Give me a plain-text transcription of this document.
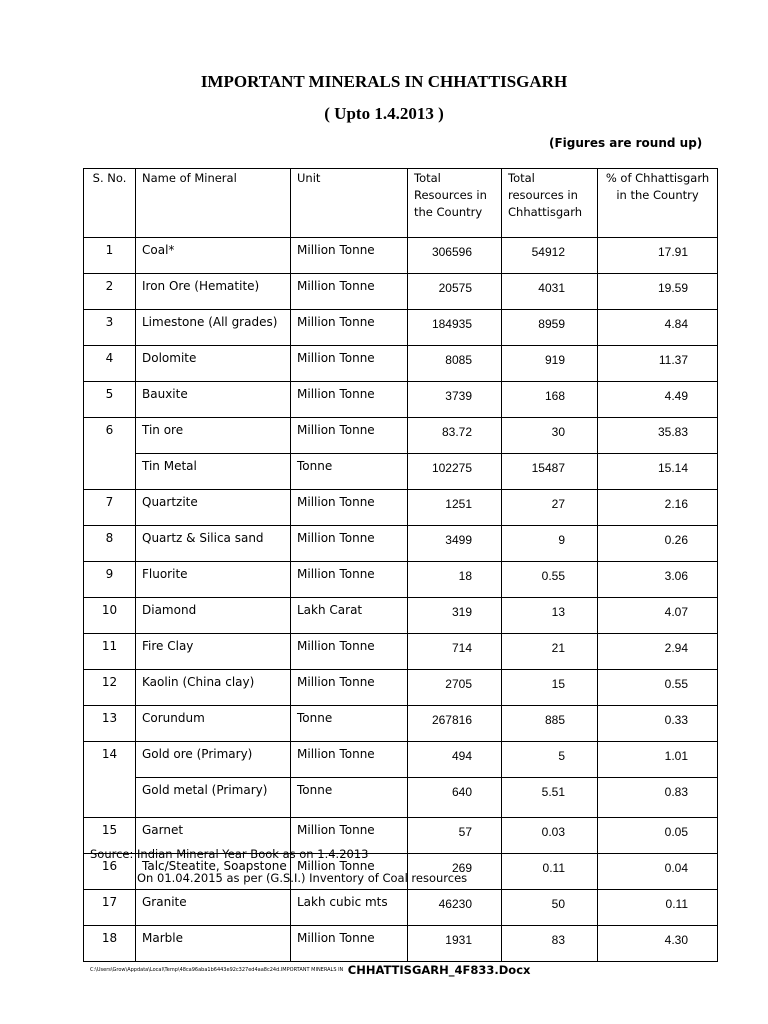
IMPORTANT MINERALS IN CHHATTISGARH
( Upto 1.4.2013 )
(Figures are round up)
S. No.	Name of Mineral	Unit	Total Resources in the Country	Total resources in Chhattisgarh	% of Chhattisgarh in the Country
1	Coal*	Million Tonne	306596	54912	17.91
2	Iron Ore (Hematite)	Million Tonne	20575	4031	19.59
3	Limestone (All grades)	Million Tonne	184935	8959	4.84
4	Dolomite	Million Tonne	8085	919	11.37
5	Bauxite	Million Tonne	3739	168	4.49
6	Tin ore	Million Tonne	83.72	30	35.83
	Tin Metal	Tonne	102275	15487	15.14
7	Quartzite	Million Tonne	1251	27	2.16
8	Quartz & Silica sand	Million Tonne	3499	9	0.26
9	Fluorite	Million Tonne	18	0.55	3.06
10	Diamond	Lakh Carat	319	13	4.07
11	Fire Clay	Million Tonne	714	21	2.94
12	Kaolin (China clay)	Million Tonne	2705	15	0.55
13	Corundum	Tonne	267816	885	0.33
14	Gold ore (Primary)	Million Tonne	494	5	1.01
	Gold metal (Primary)	Tonne	640	5.51	0.83
15	Garnet	Million Tonne	57	0.03	0.05
16	Talc/Steatite, Soapstone	Million Tonne	269	0.11	0.04
17	Granite	Lakh cubic mts	46230	50	0.11
18	Marble	Million Tonne	1931	83	4.30
Source: Indian Mineral Year Book as on 1.4.2013
On 01.04.2015 as per (G.S.I.) Inventory of Coal resources
C:\Users\Grow\Appdata\Local\Temp\48ca96aba1b6443e92c327ed4aa8c24d.IMPORTANT MINERALS IN CHHATTISGARH_4F833.Docx
